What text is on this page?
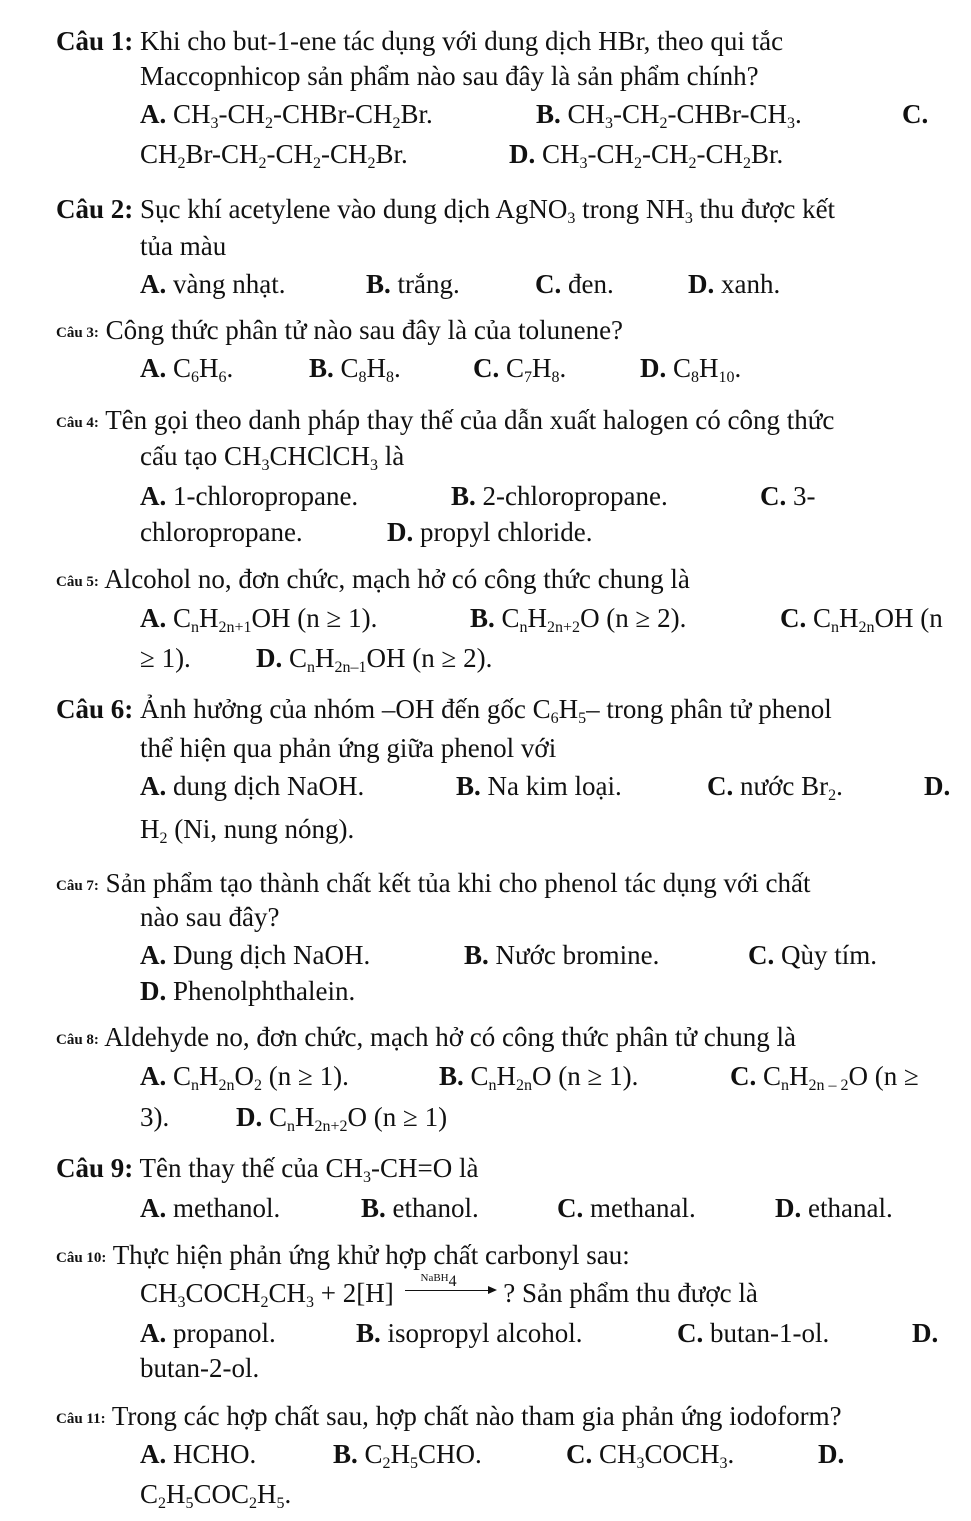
Câu 1: Khi cho but-1-ene tác dụng với dung dịch HBr, theo qui tắc
Maccopnhicop sản phẩm nào sau đây là sản phẩm chính?
A. $CH_3-CH_2-CHBr-CH_2Br$.	B. $CH_3-CH_2-CHBr-CH_3$.	C.
$CH_2Br-CH_2-CH_2-CH_2Br$.	D. $CH_3-CH_2-CH_2-CH_2Br$.
Câu 2: Sục khí acetylene vào dung dịch AgNO$_3$ trong $NH_3$ thu được kết
tủa màu
A. vàng nhạt.	B. trắng.	C. đen.	D. xanh.
Câu 3: Công thức phân tử nào sau đây là của tolunene?
A. $C_6H_6$.	B. $C_8H_8$.	C. $C_7H_8$.	D. $C_8H_{10}$.
Câu 4: Tên gọi theo danh pháp thay thế của dẫn xuất halogen có công thức
cấu tạo $CH_3CHClCH_3$ là
A. 1-chloropropane.	B. 2-chloropropane.	C. 3-
chloropropane.	D. propyl chloride.
Câu 5: Alcohol no, đơn chức, mạch hở có công thức chung là
A. $C_nH_{2n+1}OH$ (n ≥ 1).	B. $C_nH_{2n+2}O$ (n ≥ 2).	C. $C_nH_{2n}OH$ (n
≥ 1). D. $C_nH_{2n-1}OH$ (n ≥ 2).
Câu 6: Ảnh hưởng của nhóm –OH đến gốc $C_6H_5-$ trong phân tử phenol
thể hiện qua phản ứng giữa phenol với
A. dung dịch NaOH.	B. Na kim loại.	C. nước $Br_2$.	D.
$H_2$ (Ni, nung nóng).
Câu 7: Sản phẩm tạo thành chất kết tủa khi cho phenol tác dụng với chất
nào sau đây?
A. Dung dịch NaOH.	B. Nước bromine.	C. Qùy tím.
D. Phenolphthalein.
Câu 8: Aldehyde no, đơn chức, mạch hở có công thức phân tử chung là
A. $C_nH_{2n}O_2$ (n ≥ 1).	B. $C_nH_{2n}O$ (n ≥ 1).	C. $C_nH_{2n - 2}O$ (n ≥
3). D. $C_nH_{2n+2}O$ (n ≥ 1)
Câu 9: Tên thay thế của $CH_3-CH=O$ là
A. methanol.	B. ethanol.	C. methanal.	D. ethanal.
Câu 10: Thực hiện phản ứng khử hợp chất carbonyl sau:
$CH_3COCH_2CH_3 + 2[H]$ NaBH$_4$ ? Sản phẩm thu được là
A. propanol.	B. isopropyl alcohol.	C. butan-1-ol.	D.
butan-2-ol.
Câu 11: Trong các hợp chất sau, hợp chất nào tham gia phản ứng iodoform?
A. HCHO.	B. $C_2H_5CHO$.	C. $CH_3COCH_3$.	D.
$C_2H_5COC_2H_5$.
